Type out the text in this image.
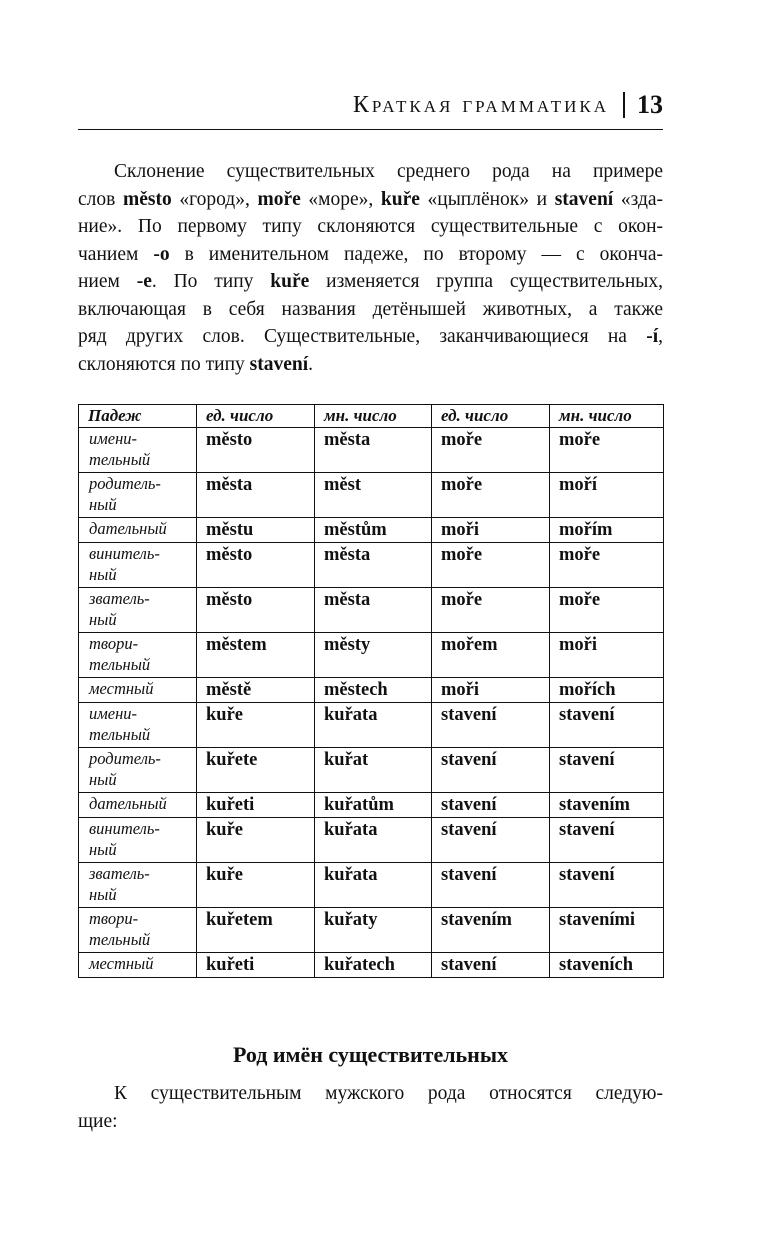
Краткая грамматика	13
Склонение существительных среднего рода на примере
слов město «город», moře «море», kuře «цыплёнок» и stavení «зда-
ние». По первому типу склоняются существительные с окон-
чанием -o в именительном падеже, по второму — с оконча-
нием -e. По типу kuře изменяется группа существительных,
включающая в себя названия детёнышей животных, а также
ряд других слов. Существительные, заканчивающиеся на -í,
склоняются по типу stavení.
Падеж	ед. число	мн. число	ед. число	мн. число
имени-
тельный	město	města	moře	moře
родитель-
ный	města	měst	moře	moří
дательный	městu	městům	moři	mořím
винитель-
ный	město	města	moře	moře
зватель-
ный	město	města	moře	moře
твори-
тельный	městem	městy	mořem	moři
местный	městě	městech	moři	mořích
имени-
тельный	kuře	kuřata	stavení	stavení
родитель-
ный	kuřete	kuřat	stavení	stavení
дательный	kuřeti	kuřatům	stavení	stavením
винитель-
ный	kuře	kuřata	stavení	stavení
зватель-
ный	kuře	kuřata	stavení	stavení
твори-
тельный	kuřetem	kuřaty	stavením	staveními
местный	kuřeti	kuřatech	stavení	staveních
Род имён существительных
К существительным мужского рода относятся следую-
щие:
